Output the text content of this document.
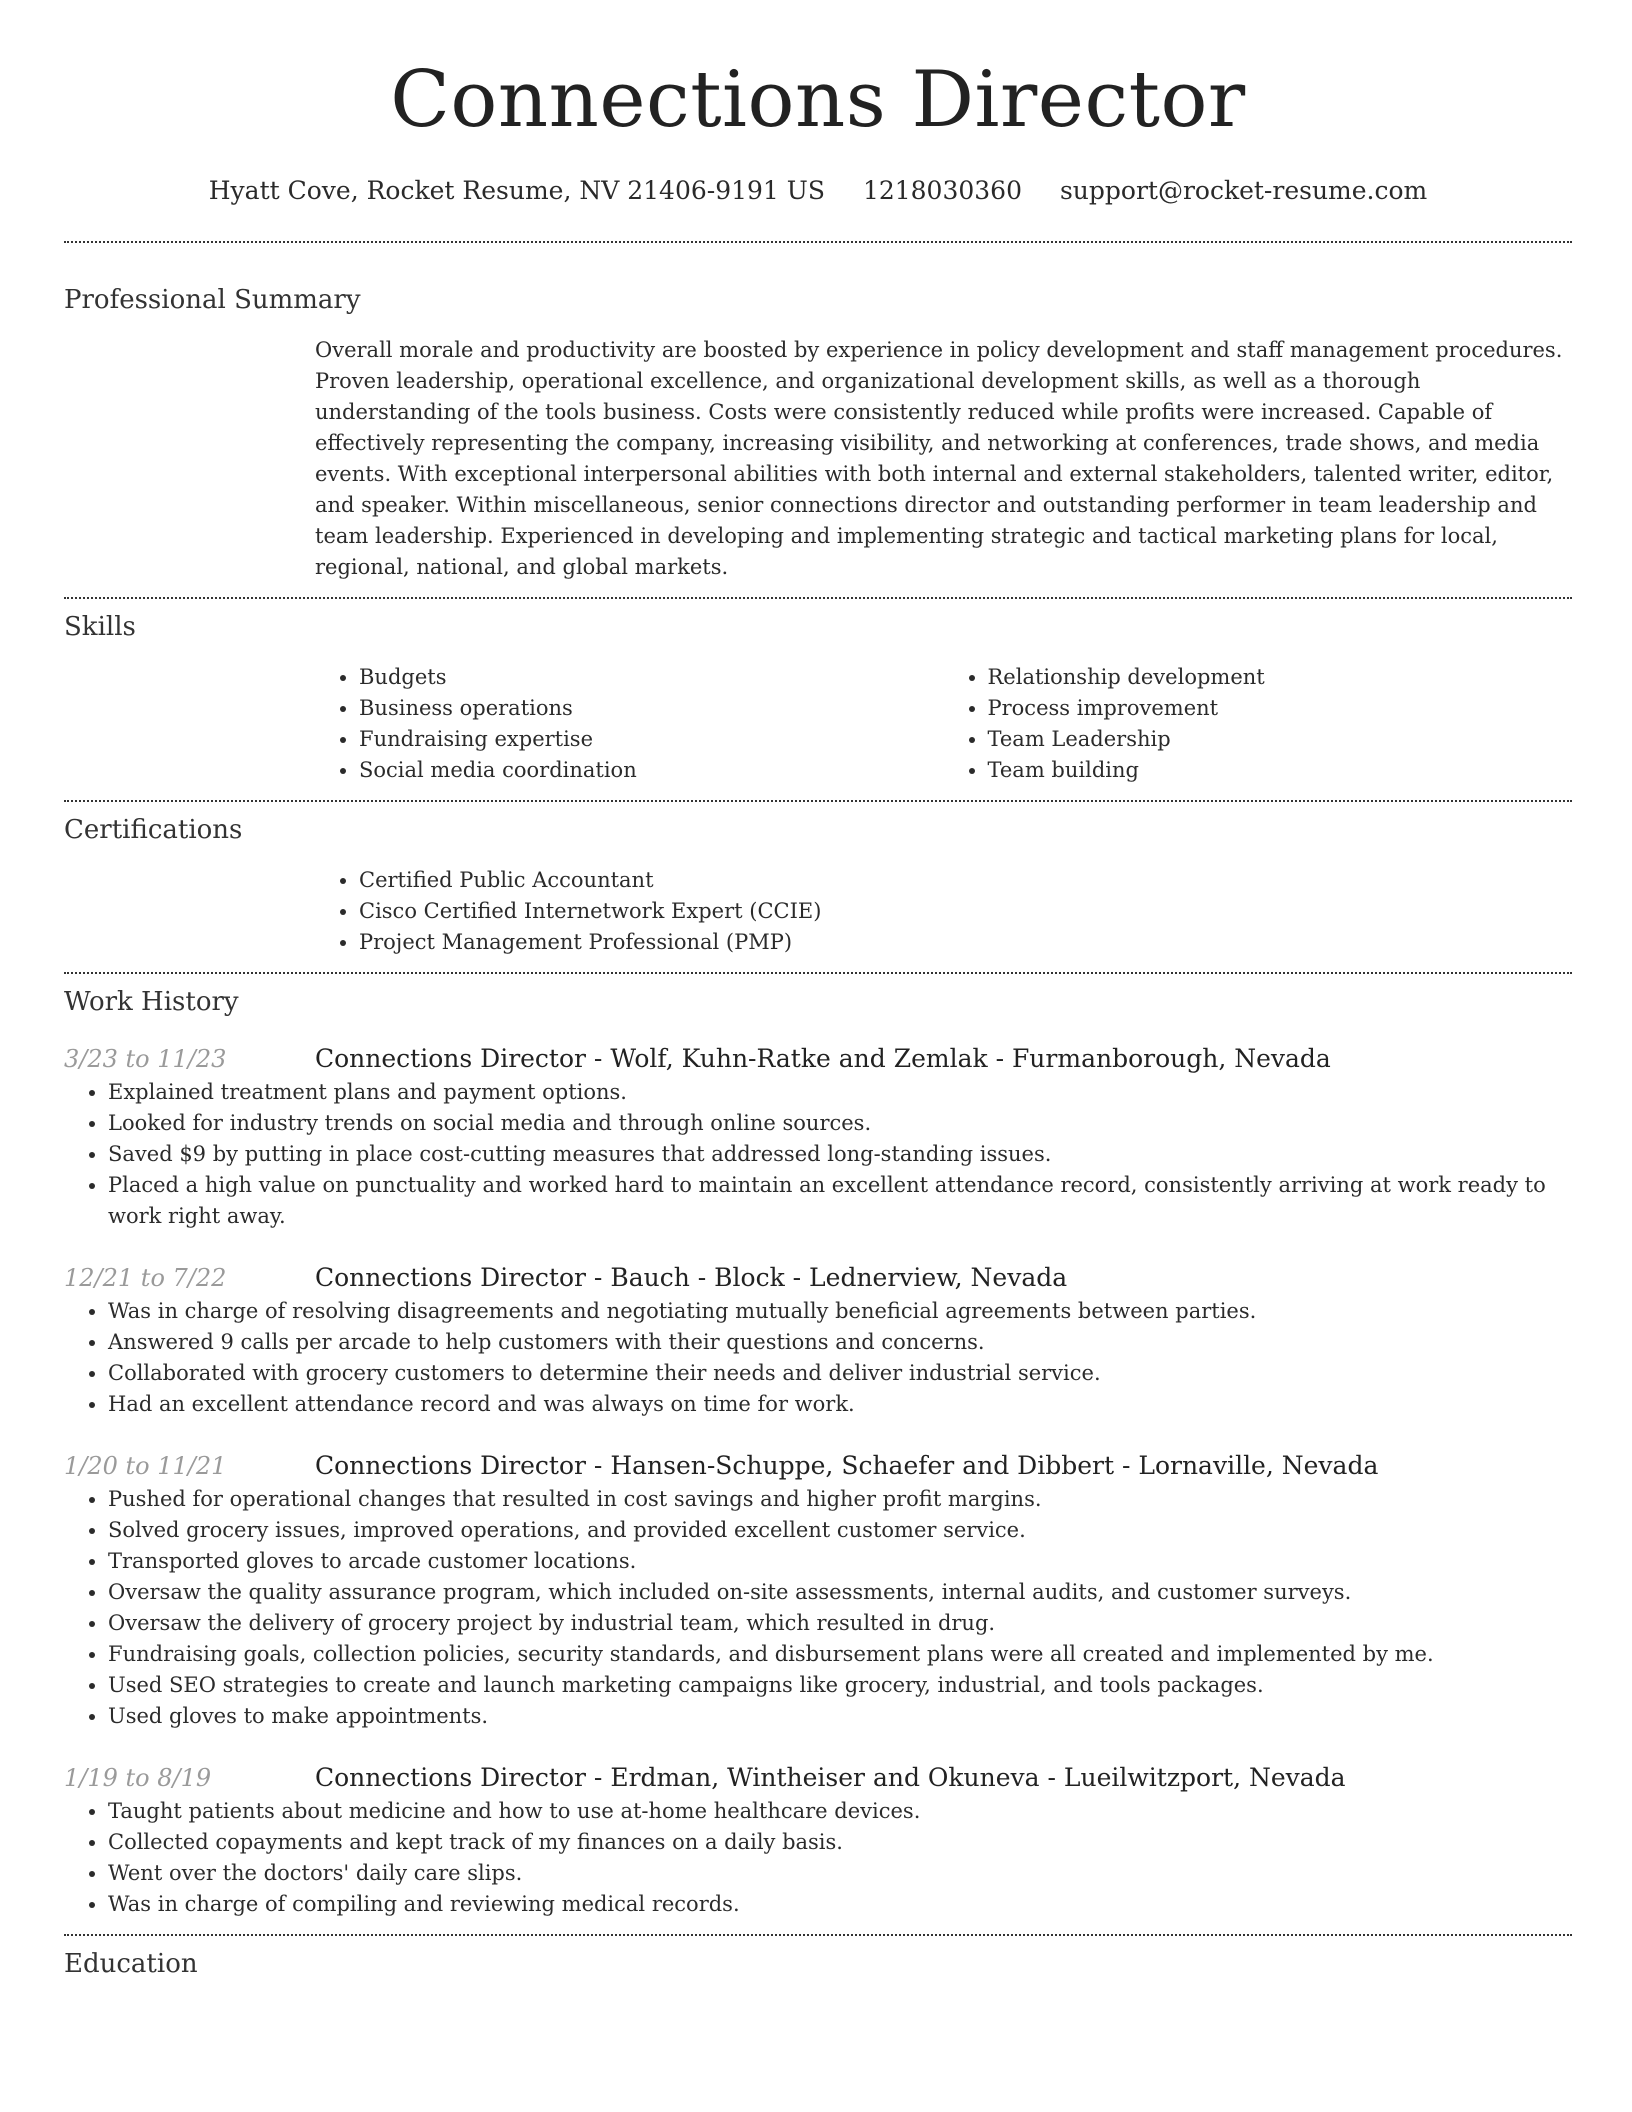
Connections Director
Hyatt Cove, Rocket Resume, NV 21406-9191 US 1218030360 support@rocket-resume.com
Professional Summary

Overall morale and productivity are boosted by experience in policy development and staff management procedures. Proven leadership, operational excellence, and organizational development skills, as well as a thorough understanding of the tools business. Costs were consistently reduced while profits were increased. Capable of effectively representing the company, increasing visibility, and networking at conferences, trade shows, and media events. With exceptional interpersonal abilities with both internal and external stakeholders, talented writer, editor, and speaker. Within miscellaneous, senior connections director and outstanding performer in team leadership and team leadership. Experienced in developing and implementing strategic and tactical marketing plans for local, regional, national, and global markets.

Skills
• Budgets
• Business operations
• Fundraising expertise
• Social media coordination
• Relationship development
• Process improvement
• Team Leadership
• Team building
Certifications
• Certified Public Accountant
• Cisco Certified Internetwork Expert (CCIE)
• Project Management Professional (PMP)
Work History
3/23 to 11/23	Connections Director - Wolf, Kuhn-Ratke and Zemlak - Furmanborough, Nevada
• Explained treatment plans and payment options.
• Looked for industry trends on social media and through online sources.
• Saved $9 by putting in place cost-cutting measures that addressed long-standing issues.
• Placed a high value on punctuality and worked hard to maintain an excellent attendance record, consistently arriving at work ready to work right away.
12/21 to 7/22	Connections Director - Bauch - Block - Lednerview, Nevada
• Was in charge of resolving disagreements and negotiating mutually beneficial agreements between parties.
• Answered 9 calls per arcade to help customers with their questions and concerns.
• Collaborated with grocery customers to determine their needs and deliver industrial service.
• Had an excellent attendance record and was always on time for work.
1/20 to 11/21	Connections Director - Hansen-Schuppe, Schaefer and Dibbert - Lornaville, Nevada
• Pushed for operational changes that resulted in cost savings and higher profit margins.
• Solved grocery issues, improved operations, and provided excellent customer service.
• Transported gloves to arcade customer locations.
• Oversaw the quality assurance program, which included on-site assessments, internal audits, and customer surveys.
• Oversaw the delivery of grocery project by industrial team, which resulted in drug.
• Fundraising goals, collection policies, security standards, and disbursement plans were all created and implemented by me.
• Used SEO strategies to create and launch marketing campaigns like grocery, industrial, and tools packages.
• Used gloves to make appointments.
1/19 to 8/19	Connections Director - Erdman, Wintheiser and Okuneva - Lueilwitzport, Nevada
• Taught patients about medicine and how to use at-home healthcare devices.
• Collected copayments and kept track of my finances on a daily basis.
• Went over the doctors' daily care slips.
• Was in charge of compiling and reviewing medical records.
Education
